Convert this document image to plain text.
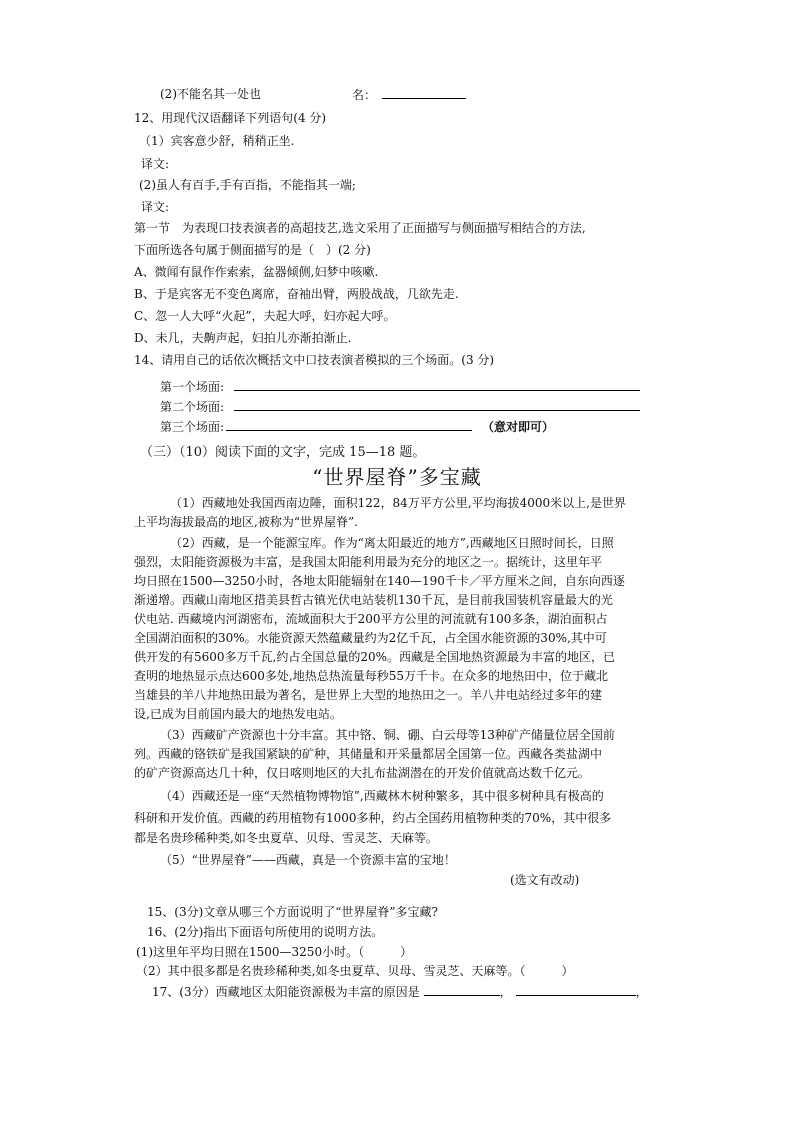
(2)不能名其一处也	名：
12、用现代汉语翻译下列语句(4 分)
（1）宾客意少舒，稍稍正坐.
译文:
(2)虽人有百手,手有百指，不能指其一端;
译文:
第一节　为表现口技表演者的高超技艺,选文采用了正面描写与侧面描写相结合的方法,
下面所选各句属于侧面描写的是（　）(2 分)
A、微闻有鼠作作索索，盆器倾侧,妇梦中咳嗽.
B、于是宾客无不变色离席，奋袖出臂，两股战战，几欲先走.
C、忽一人大呼“火起”，夫起大呼，妇亦起大呼。
D、未几，夫齁声起，妇拍儿亦渐拍渐止.
14、请用自己的话依次概括文中口技表演者模拟的三个场面。(3 分)
第一个场面:
第二个场面:
第三个场面:	（意对即可）
（三）（10）阅读下面的文字，完成 15—18 题。
“世界屋脊”多宝藏
（1）西藏地处我国西南边陲，面积122，84万平方公里,平均海拔4000米以上,是世界
上平均海拔最高的地区,被称为“世界屋脊”.
（2）西藏，是一个能源宝库。作为“离太阳最近的地方”,西藏地区日照时间长，日照
强烈，太阳能资源极为丰富，是我国太阳能利用最为充分的地区之一。据统计，这里年平
均日照在1500—3250小时，各地太阳能辐射在140—190千卡／平方厘米之间，自东向西逐
渐递增。西藏山南地区措美县哲古镇光伏电站装机130千瓦，是目前我国装机容量最大的光
伏电站. 西藏境内河湖密布，流域面积大于200平方公里的河流就有100多条，湖泊面积占
全国湖泊面积的30%。水能资源天然蕴藏量约为2亿千瓦，占全国水能资源的30%,其中可
供开发的有5600多万千瓦,约占全国总量的20%。西藏是全国地热资源最为丰富的地区，已
查明的地热显示点达600多处,地热总热流量每秒55万千卡。在众多的地热田中，位于藏北
当雄县的羊八井地热田最为著名，是世界上大型的地热田之一。羊八井电站经过多年的建
设,已成为目前国内最大的地热发电站。
（3）西藏矿产资源也十分丰富。其中铬、铜、硼、白云母等13种矿产储量位居全国前
列。西藏的铬铁矿是我国紧缺的矿种，其储量和开采量都居全国第一位。西藏各类盐湖中
的矿产资源高达几十种，仅日喀则地区的大扎布盐湖潜在的开发价值就高达数千亿元。
（4）西藏还是一座“天然植物博物馆”,西藏林木树种繁多，其中很多树种具有极高的
科研和开发价值。西藏的药用植物有1000多种，约占全国药用植物种类的70%，其中很多
都是名贵珍稀种类,如冬虫夏草、贝母、雪灵芝、天麻等。
（5）“世界屋脊”——西藏，真是一个资源丰富的宝地！
(选文有改动)
15、(3分)文章从哪三个方面说明了“世界屋脊”多宝藏?
16、(2分)指出下面语句所使用的说明方法。
(1)这里年平均日照在1500—3250小时。（　　　）
（2）其中很多都是名贵珍稀种类,如冬虫夏草、贝母、雪灵芝、天麻等。（　　　）
17、(3分）西藏地区太阳能资源极为丰富的原因是	，	，
